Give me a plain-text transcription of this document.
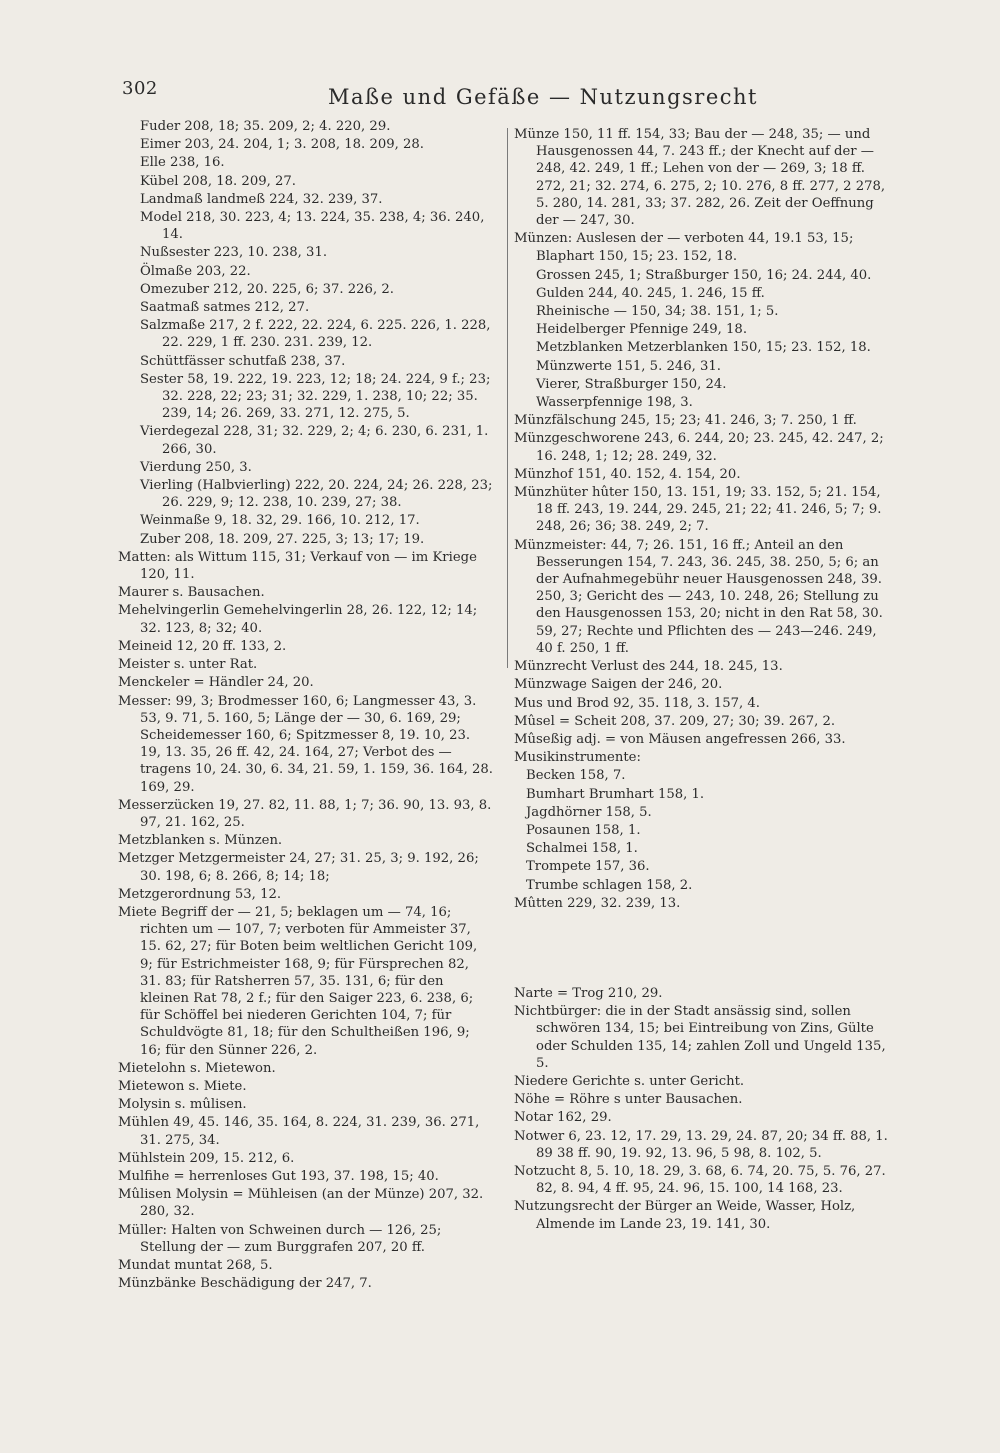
302	Maße und Gefäße — Nutzungsrecht
Fuder 208, 18; 35. 209, 2; 4. 220, 29.
Eimer 203, 24. 204, 1; 3. 208, 18. 209, 28.
Elle 238, 16.
Kübel 208, 18. 209, 27.
Landmaß landmeß 224, 32. 239, 37.
Model 218, 30. 223, 4; 13. 224, 35. 238, 4; 36. 240, 14.
Nußsester 223, 10. 238, 31.
Ölmaße 203, 22.
Omezuber 212, 20. 225, 6; 37. 226, 2.
Saatmaß satmes 212, 27.
Salzmaße 217, 2 f. 222, 22. 224, 6. 225. 226, 1. 228, 22. 229, 1 ff. 230. 231. 239, 12.
Schüttfässer schutfaß 238, 37.
Sester 58, 19. 222, 19. 223, 12; 18; 24. 224, 9 f.; 23; 32. 228, 22; 23; 31; 32. 229, 1. 238, 10; 22; 35. 239, 14; 26. 269, 33. 271, 12. 275, 5.
Vierdegezal 228, 31; 32. 229, 2; 4; 6. 230, 6. 231, 1. 266, 30.
Vierdung 250, 3.
Vierling (Halbvierling) 222, 20. 224, 24; 26. 228, 23; 26. 229, 9; 12. 238, 10. 239, 27; 38.
Weinmaße 9, 18. 32, 29. 166, 10. 212, 17.
Zuber 208, 18. 209, 27. 225, 3; 13; 17; 19.
Matten: als Wittum 115, 31; Verkauf von — im Kriege 120, 11.
Maurer s. Bausachen.
Mehelvingerlin Gemehelvingerlin 28, 26. 122, 12; 14; 32. 123, 8; 32; 40.
Meineid 12, 20 ff. 133, 2.
Meister s. unter Rat.
Menckeler = Händler 24, 20.
Messer: 99, 3; Brodmesser 160, 6; Langmesser 43, 3. 53, 9. 71, 5. 160, 5; Länge der — 30, 6. 169, 29; Scheidemesser 160, 6; Spitzmesser 8, 19. 10, 23. 19, 13. 35, 26 ff. 42, 24. 164, 27; Verbot des —tragens 10, 24. 30, 6. 34, 21. 59, 1. 159, 36. 164, 28. 169, 29.
Messerzücken 19, 27. 82, 11. 88, 1; 7; 36. 90, 13. 93, 8. 97, 21. 162, 25.
Metzblanken s. Münzen.
Metzger Metzgermeister 24, 27; 31. 25, 3; 9. 192, 26; 30. 198, 6; 8. 266, 8; 14; 18;
Metzgerordnung 53, 12.
Miete Begriff der — 21, 5; beklagen um — 74, 16; richten um — 107, 7; verboten für Ammeister 37, 15. 62, 27; für Boten beim weltlichen Gericht 109, 9; für Estrichmeister 168, 9; für Fürsprechen 82, 31. 83; für Ratsherren 57, 35. 131, 6; für den kleinen Rat 78, 2 f.; für den Saiger 223, 6. 238, 6; für Schöffel bei niederen Gerichten 104, 7; für Schuldvögte 81, 18; für den Schultheißen 196, 9; 16; für den Sünner 226, 2.
Mietelohn s. Mietewon.
Mietewon s. Miete.
Molysin s. mûlisen.
Mühlen 49, 45. 146, 35. 164, 8. 224, 31. 239, 36. 271, 31. 275, 34.
Mühlstein 209, 15. 212, 6.
Mulfihe = herrenloses Gut 193, 37. 198, 15; 40.
Mûlisen Molysin = Mühleisen (an der Münze) 207, 32. 280, 32.
Müller: Halten von Schweinen durch — 126, 25; Stellung der — zum Burggrafen 207, 20 ff.
Mundat muntat 268, 5.
Münzbänke Beschädigung der 247, 7.
Münze 150, 11 ff. 154, 33; Bau der — 248, 35; — und Hausgenossen 44, 7. 243 ff.; der Knecht auf der — 248, 42. 249, 1 ff.; Lehen von der — 269, 3; 18 ff. 272, 21; 32. 274, 6. 275, 2; 10. 276, 8 ff. 277, 2 278, 5. 280, 14. 281, 33; 37. 282, 26. Zeit der Oeffnung der — 247, 30.
Münzen: Auslesen der — verboten 44, 19.1 53, 15;
Blaphart 150, 15; 23. 152, 18.
Grossen 245, 1; Straßburger 150, 16; 24. 244, 40.
Gulden 244, 40. 245, 1. 246, 15 ff.
Rheinische — 150, 34; 38. 151, 1; 5.
Heidelberger Pfennige 249, 18.
Metzblanken Metzerblanken 150, 15; 23. 152, 18.
Münzwerte 151, 5. 246, 31.
Vierer, Straßburger 150, 24.
Wasserpfennige 198, 3.
Münzfälschung 245, 15; 23; 41. 246, 3; 7. 250, 1 ff.
Münzgeschworene 243, 6. 244, 20; 23. 245, 42. 247, 2; 16. 248, 1; 12; 28. 249, 32.
Münzhof 151, 40. 152, 4. 154, 20.
Münzhüter hûter 150, 13. 151, 19; 33. 152, 5; 21. 154, 18 ff. 243, 19. 244, 29. 245, 21; 22; 41. 246, 5; 7; 9. 248, 26; 36; 38. 249, 2; 7.
Münzmeister: 44, 7; 26. 151, 16 ff.; Anteil an den Besserungen 154, 7. 243, 36. 245, 38. 250, 5; 6; an der Aufnahmegebühr neuer Hausgenossen 248, 39. 250, 3; Gericht des — 243, 10. 248, 26; Stellung zu den Hausgenossen 153, 20; nicht in den Rat 58, 30. 59, 27; Rechte und Pflichten des — 243—246. 249, 40 f. 250, 1 ff.
Münzrecht Verlust des 244, 18. 245, 13.
Münzwage Saigen der 246, 20.
Mus und Brod 92, 35. 118, 3. 157, 4.
Mûsel = Scheit 208, 37. 209, 27; 30; 39. 267, 2.
Mûseßig adj. = von Mäusen angefressen 266, 33.
Musikinstrumente:
Becken 158, 7.
Bumhart Brumhart 158, 1.
Jagdhörner 158, 5.
Posaunen 158, 1.
Schalmei 158, 1.
Trompete 157, 36.
Trumbe schlagen 158, 2.
Mûtten 229, 32. 239, 13.
Narte = Trog 210, 29.
Nichtbürger: die in der Stadt ansässig sind, sollen schwören 134, 15; bei Eintreibung von Zins, Gülte oder Schulden 135, 14; zahlen Zoll und Ungeld 135, 5.
Niedere Gerichte s. unter Gericht.
Nöhe = Röhre s unter Bausachen.
Notar 162, 29.
Notwer 6, 23. 12, 17. 29, 13. 29, 24. 87, 20; 34 ff. 88, 1. 89 38 ff. 90, 19. 92, 13. 96, 5 98, 8. 102, 5.
Notzucht 8, 5. 10, 18. 29, 3. 68, 6. 74, 20. 75, 5. 76, 27. 82, 8. 94, 4 ff. 95, 24. 96, 15. 100, 14 168, 23.
Nutzungsrecht der Bürger an Weide, Wasser, Holz, Almende im Lande 23, 19. 141, 30.
